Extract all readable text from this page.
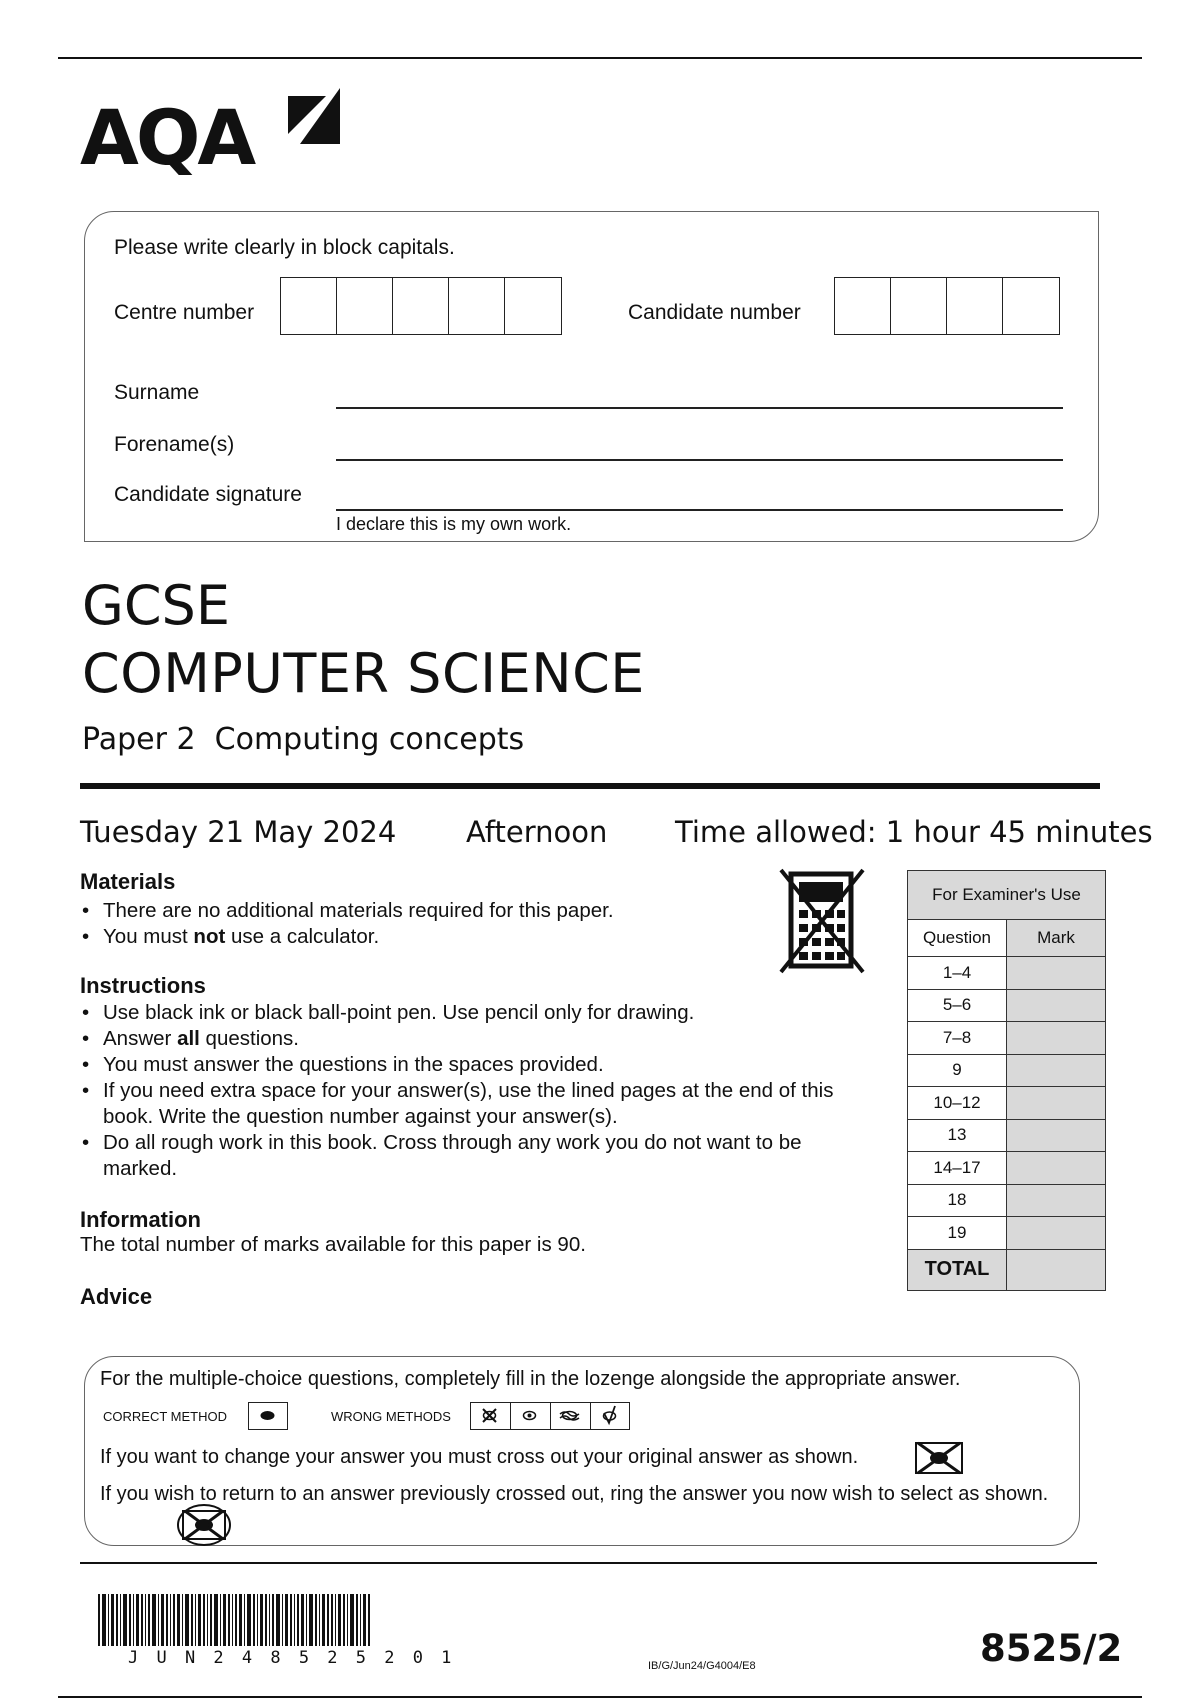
AQA
Please write clearly in block capitals.
Centre number	Candidate number
Surname
Forename(s)
Candidate signature
I declare this is my own work.
GCSE
COMPUTER SCIENCE
Paper 2  Computing concepts
Tuesday 21 May 2024 Afternoon Time allowed: 1 hour 45 minutes
Materials
• There are no additional materials required for this paper.
• You must not use a calculator.
Instructions
• Use black ink or black ball-point pen. Use pencil only for drawing.
• Answer all questions.
• You must answer the questions in the spaces provided.
• If you need extra space for your answer(s), use the lined pages at the end of this book. Write the question number against your answer(s).
• Do all rough work in this book. Cross through any work you do not want to be marked.
Information
The total number of marks available for this paper is 90.
Advice
For Examiner's Use	
Question	Mark
1–4	
5–6	
7–8	
9	
10–12	
13	
14–17	
18	
19	
TOTAL	
For the multiple-choice questions, completely fill in the lozenge alongside the appropriate answer.
CORRECT METHOD	WRONG METHODS
If you want to change your answer you must cross out your original answer as shown.
If you wish to return to an answer previously crossed out, ring the answer you now wish to select as shown.
J U N 2 4 8 5 2 5 2 0 1	IB/G/Jun24/G4004/E8	8525/2
